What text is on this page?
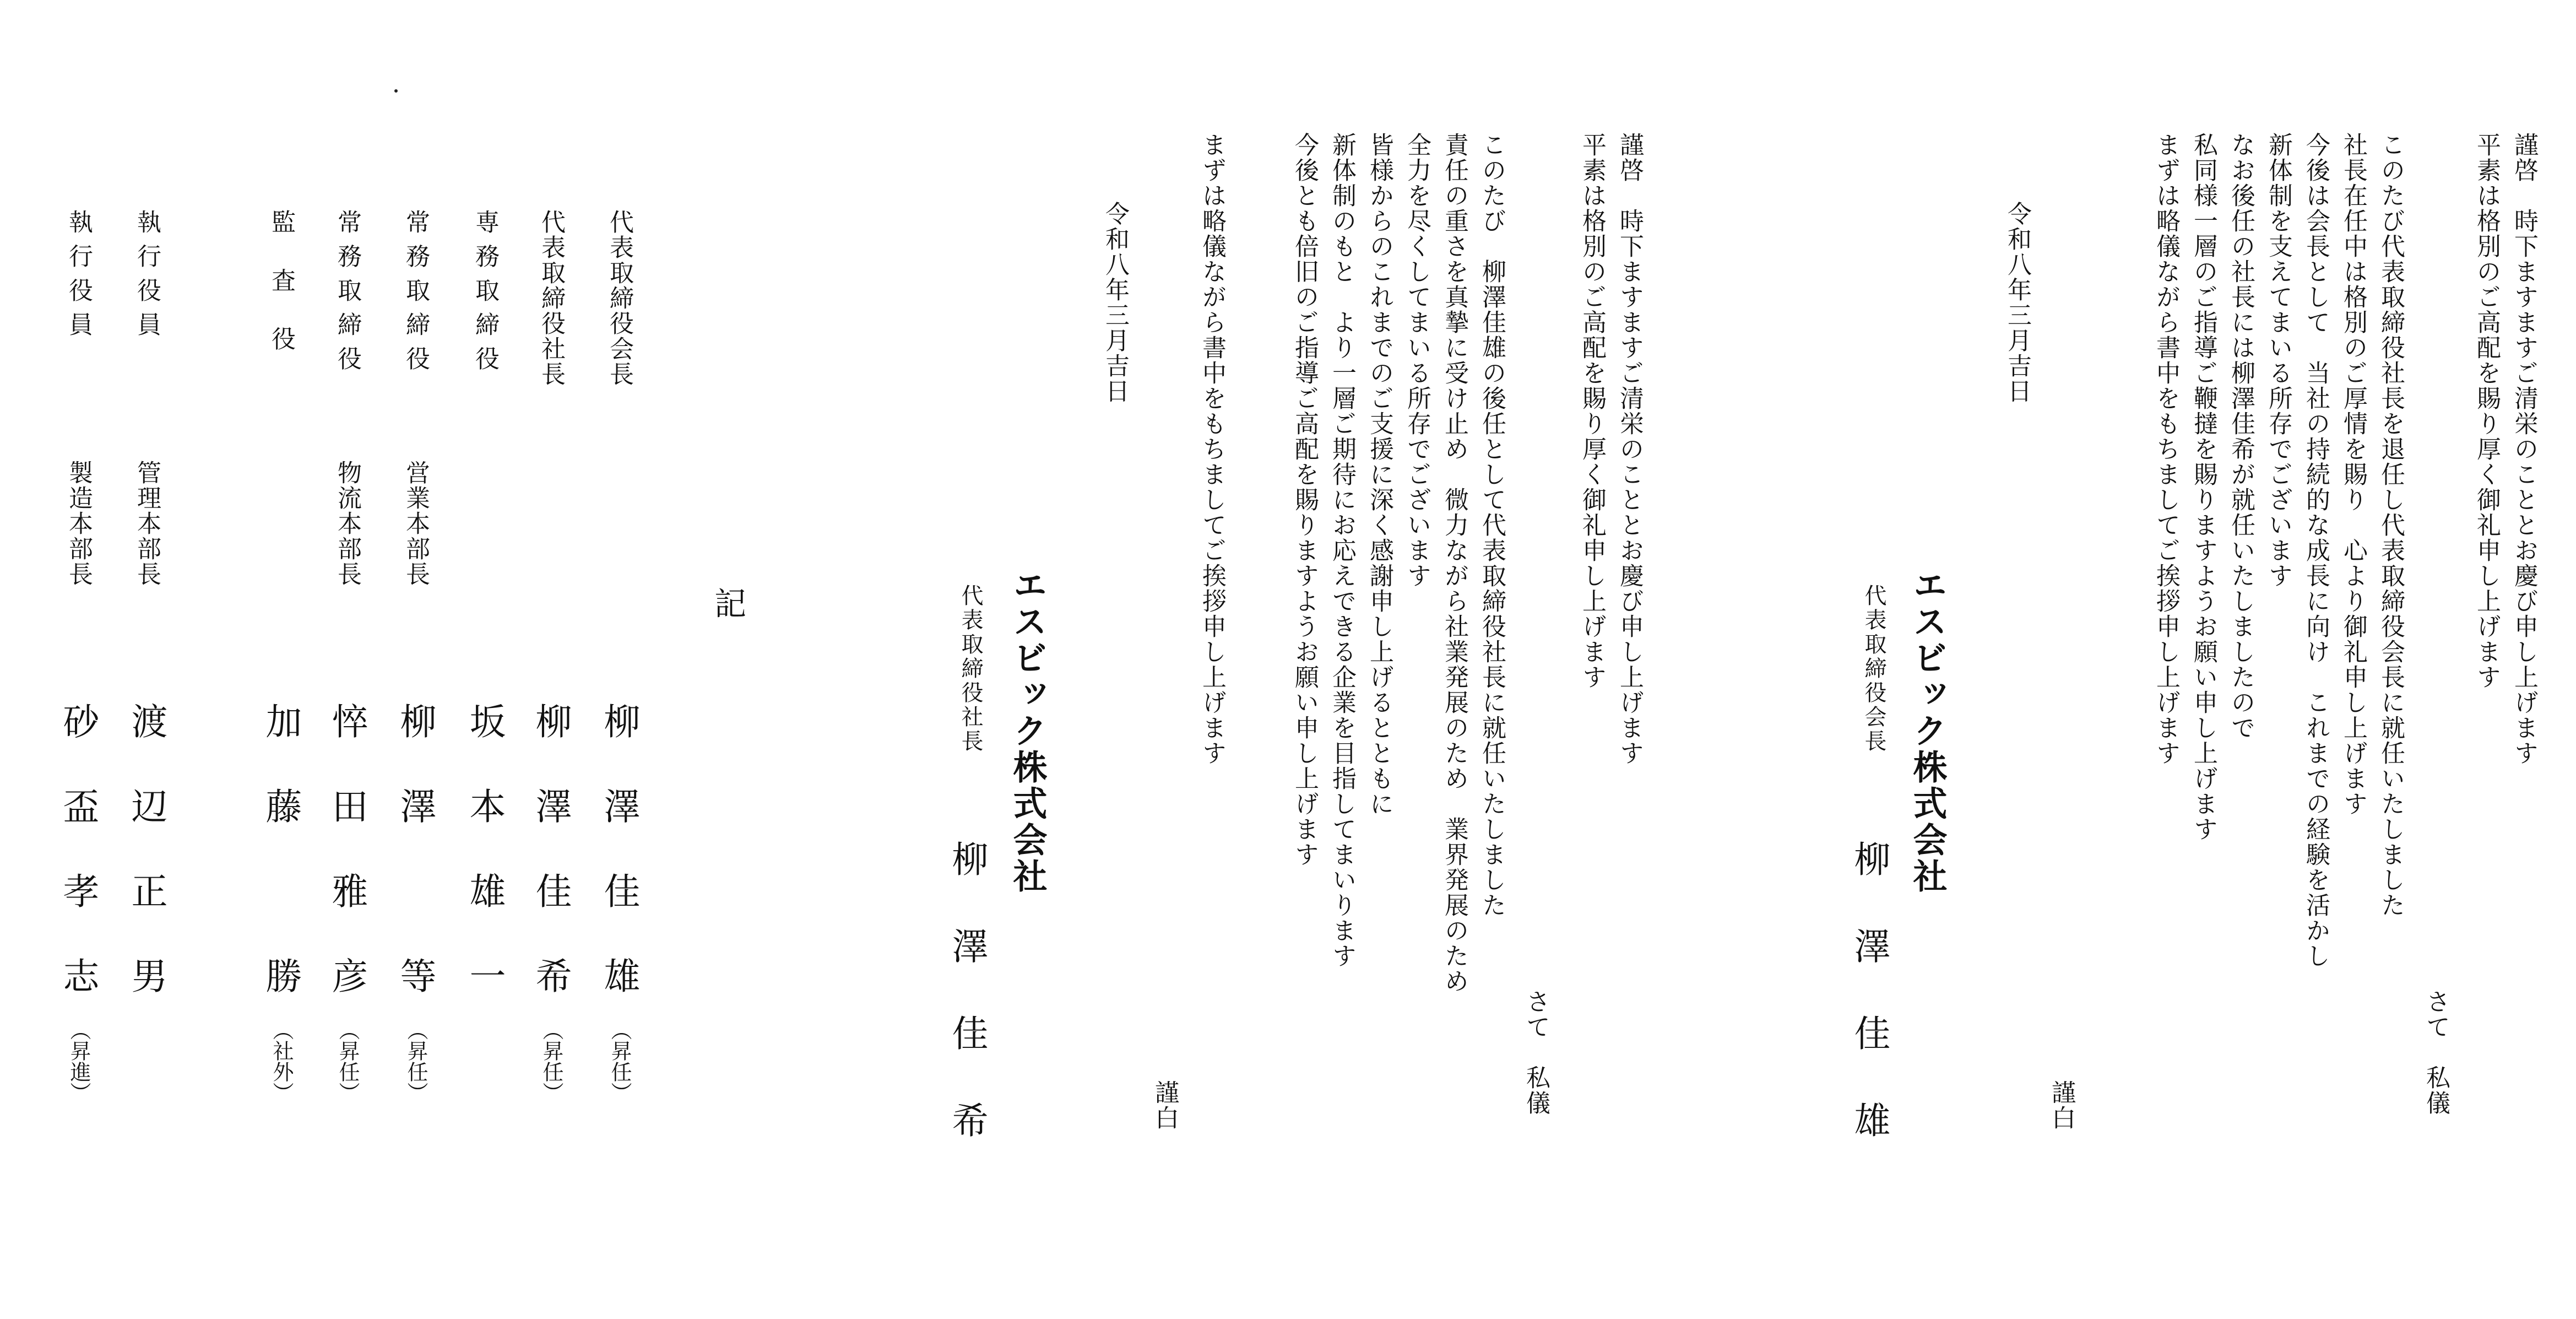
謹啓　時下ますますご清栄のこととお慶び申し上げます
平素は格別のご高配を賜り厚く御礼申し上げます
さて　私儀
このたび代表取締役社長を退任し代表取締役会長に就任いたしました
社長在任中は格別のご厚情を賜り　心より御礼申し上げます
今後は会長として　当社の持続的な成長に向け　これまでの経験を活かし
新体制を支えてまいる所存でございます
なお後任の社長には柳澤佳希が就任いたしましたので
私同様一層のご指導ご鞭撻を賜りますようお願い申し上げます
まずは略儀ながら書中をもちましてご挨拶申し上げます
令和八年三月吉日
謹白
エスビック株式会社
代表取締役会長
柳澤佳雄
謹啓　時下ますますご清栄のこととお慶び申し上げます
平素は格別のご高配を賜り厚く御礼申し上げます
さて　私儀
このたび　柳澤佳雄の後任として代表取締役社長に就任いたしました
責任の重さを真摯に受け止め　微力ながら社業発展のため　業界発展のため
全力を尽くしてまいる所存でございます
皆様からのこれまでのご支援に深く感謝申し上げるとともに
新体制のもと　より一層ご期待にお応えできる企業を目指してまいります
今後とも倍旧のご指導ご高配を賜りますようお願い申し上げます
まずは略儀ながら書中をもちましてご挨拶申し上げます
令和八年三月吉日
謹白
エスビック株式会社
代表取締役社長
柳澤佳希
記
代表取締役会長
柳澤佳雄
（昇任）
代表取締役社長
柳澤佳希
（昇任）
専務取締役
坂本雄一
常務取締役
営業本部長
柳澤　等
（昇任）
常務取締役
物流本部長
悴田雅彦
（昇任）
監査役
加藤　勝
（社外）
執行役員
管理本部長
渡辺正男
執行役員
製造本部長
砂盃孝志
（昇進）
